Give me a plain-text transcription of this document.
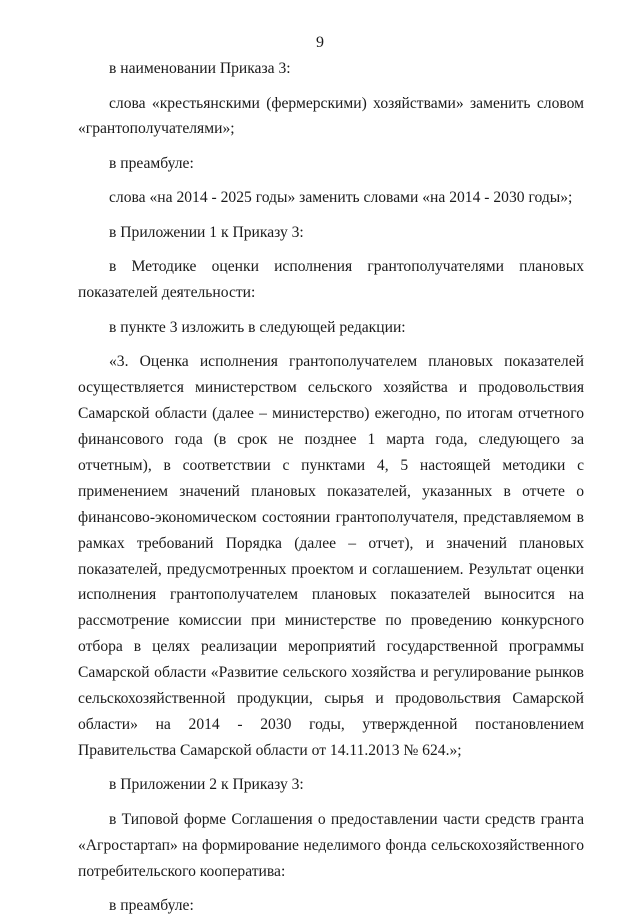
9

в наименовании Приказа 3:

слова «крестьянскими (фермерскими) хозяйствами» заменить словом «грантополучателями»;

в преамбуле:

слова «на 2014 - 2025 годы» заменить словами «на 2014 - 2030 годы»;

в Приложении 1 к Приказу 3:

в Методике оценки исполнения грантополучателями плановых показателей деятельности:

в пункте 3 изложить в следующей редакции:

«3. Оценка исполнения грантополучателем плановых показателей осуществляется министерством сельского хозяйства и продовольствия Самарской области (далее – министерство) ежегодно, по итогам отчетного финансового года (в срок не позднее 1 марта года, следующего за отчетным), в соответствии с пунктами 4, 5 настоящей методики с применением значений плановых показателей, указанных в отчете о финансово-экономическом состоянии грантополучателя, представляемом в рамках требований Порядка (далее – отчет), и значений плановых показателей, предусмотренных проектом и соглашением. Результат оценки исполнения грантополучателем плановых показателей выносится на рассмотрение комиссии при министерстве по проведению конкурсного отбора в целях реализации мероприятий государственной программы Самарской области «Развитие сельского хозяйства и регулирование рынков сельскохозяйственной продукции, сырья и продовольствия Самарской области» на 2014 - 2030 годы, утвержденной постановлением Правительства Самарской области от 14.11.2013 № 624.»;

в Приложении 2 к Приказу 3:

в Типовой форме Соглашения о предоставлении части средств гранта «Агростартап» на формирование неделимого фонда сельскохозяйственного потребительского кооператива:

в преамбуле:
